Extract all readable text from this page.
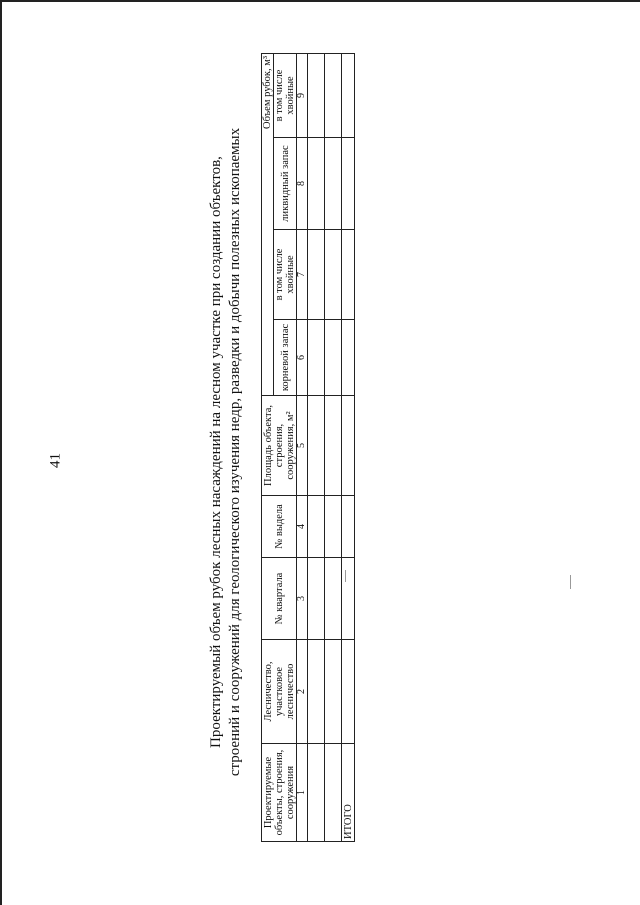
41	Проектируемый объем рубок лесных насаждений на лесном участке при создании объектов, строений и сооружений для геологического изучения недр, разведки и добычи полезных ископаемых
Проектируемые объекты, строения, сооружения	Лесничество, участковое лесничество	№ квартала	№ выдела	Площадь объекта, строения, сооружения, м²	Объем рубок, м³			
					корневой запас	в том числе хвойные	ликвидный запас	в том числе хвойные
1	2	3	4	5	6	7	8	9

ИТОГО								
